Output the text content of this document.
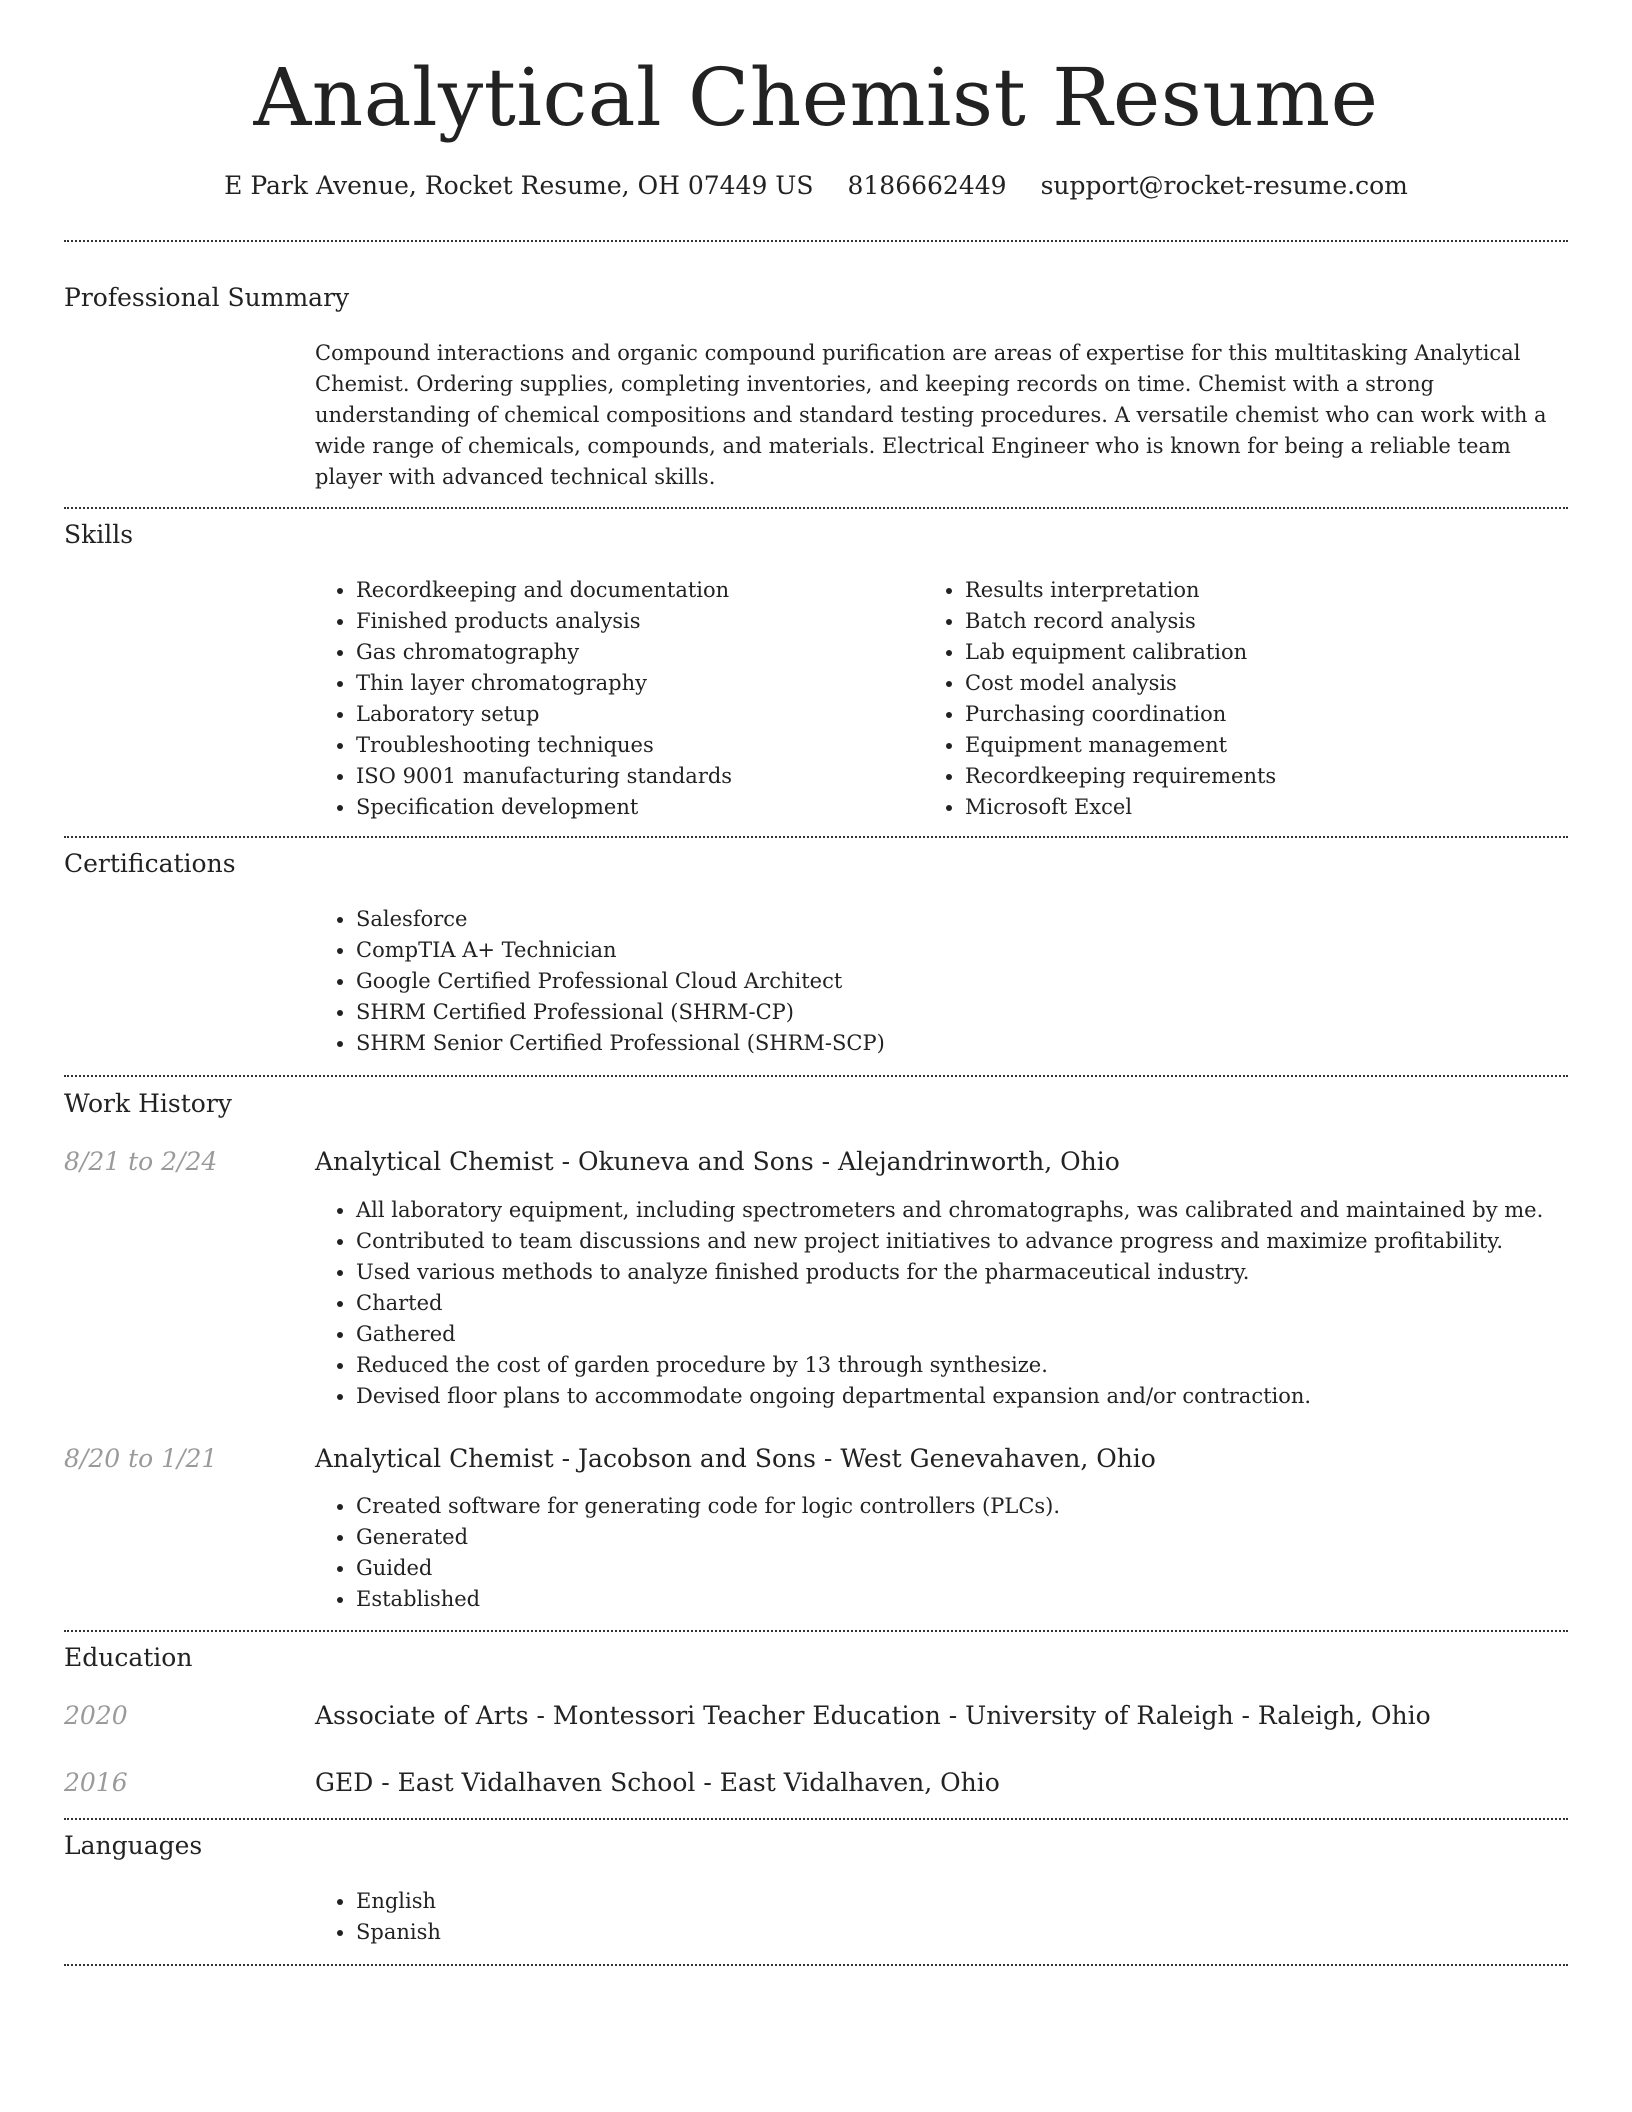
Analytical Chemist Resume
E Park Avenue, Rocket Resume, OH 07449 US 8186662449 support@rocket-resume.com
Professional Summary

Compound interactions and organic compound purification are areas of expertise for this multitasking Analytical Chemist. Ordering supplies, completing inventories, and keeping records on time. Chemist with a strong understanding of chemical compositions and standard testing procedures. A versatile chemist who can work with a wide range of chemicals, compounds, and materials. Electrical Engineer who is known for being a reliable team player with advanced technical skills.

Skills
• Recordkeeping and documentation
• Finished products analysis
• Gas chromatography
• Thin layer chromatography
• Laboratory setup
• Troubleshooting techniques
• ISO 9001 manufacturing standards
• Specification development
• Results interpretation
• Batch record analysis
• Lab equipment calibration
• Cost model analysis
• Purchasing coordination
• Equipment management
• Recordkeeping requirements
• Microsoft Excel
Certifications
• Salesforce
• CompTIA A+ Technician
• Google Certified Professional Cloud Architect
• SHRM Certified Professional (SHRM-CP)
• SHRM Senior Certified Professional (SHRM-SCP)
Work History
8/21 to 2/24	Analytical Chemist - Okuneva and Sons - Alejandrinworth, Ohio
• All laboratory equipment, including spectrometers and chromatographs, was calibrated and maintained by me.
• Contributed to team discussions and new project initiatives to advance progress and maximize profitability.
• Used various methods to analyze finished products for the pharmaceutical industry.
• Charted
• Gathered
• Reduced the cost of garden procedure by 13 through synthesize.
• Devised floor plans to accommodate ongoing departmental expansion and/or contraction.
8/20 to 1/21	Analytical Chemist - Jacobson and Sons - West Genevahaven, Ohio
• Created software for generating code for logic controllers (PLCs).
• Generated
• Guided
• Established
Education
2020	Associate of Arts - Montessori Teacher Education - University of Raleigh - Raleigh, Ohio
2016	GED - East Vidalhaven School - East Vidalhaven, Ohio
Languages
• English
• Spanish
